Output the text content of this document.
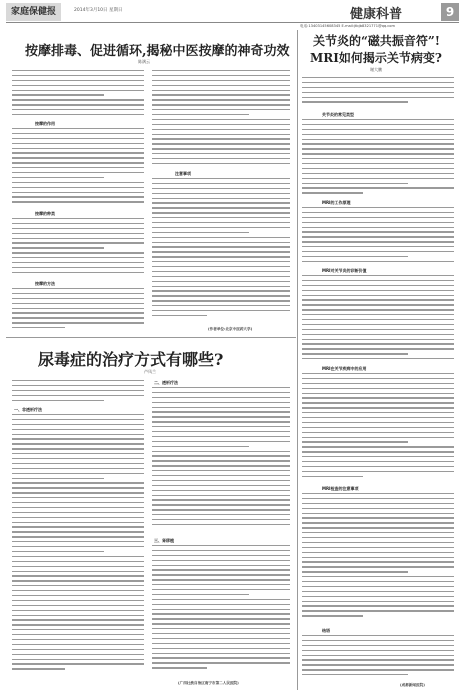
家庭保健报	2014年3月10日 星期日	健康科普	9
电话:13403145608345 E-mail:jtbjb8321771@qq.com
按摩排毒、促进循环,揭秘中医按摩的神奇功效
陈满云
按摩的作用
按摩的种类
按摩的方法
注意事项
(作者单位:北京中医药大学)
尿毒症的治疗方式有哪些?
卢凤兰
一、非透析疗法
二、透析疗法
三、肾移植
(广西壮族自治区南宁市第二人民医院)
关节炎的“磁共振音符”!
MRI如何揭示关节病变?
谢大鹏
关节炎的常见类型
MRI的工作原理
MRI对关节炎的诊断价值
MRI在关节疾病中的应用
MRI检查的注意事项
结语
(成都新闻医院)
